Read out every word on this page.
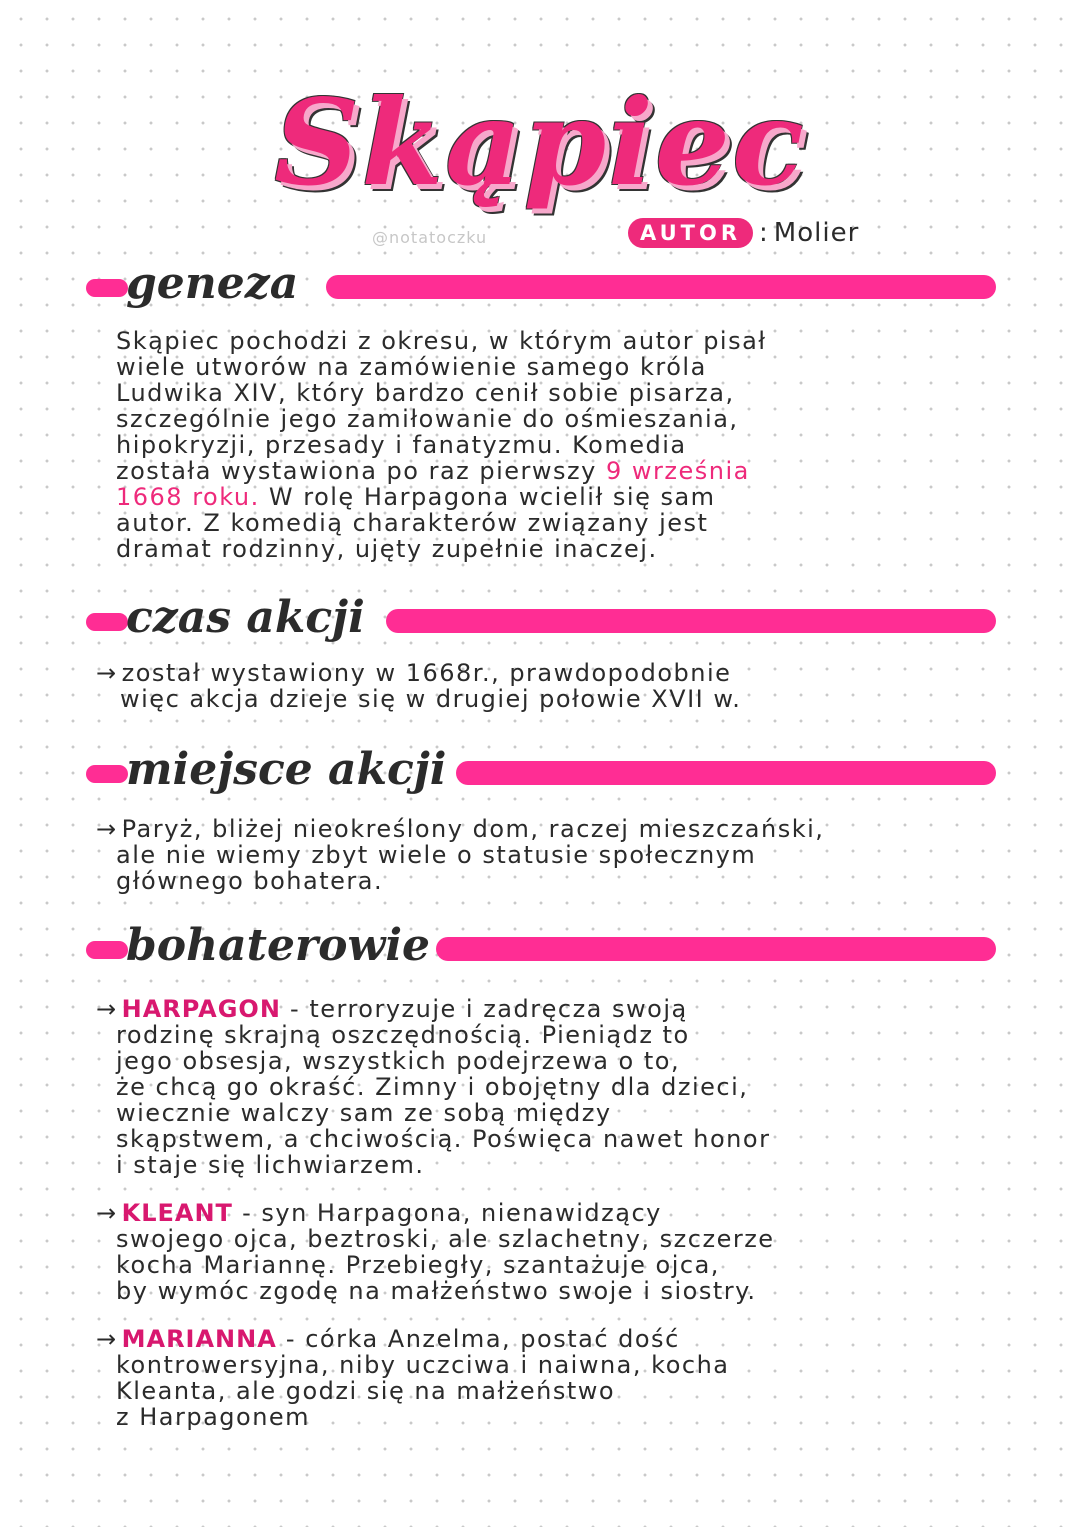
Skąpiec
@notatoczku	AUTOR : Molier
geneza
Skąpiec pochodzi z okresu, w którym autor pisał
wiele utworów na zamówienie samego króla
Ludwika XIV, który bardzo cenił sobie pisarza,
szczególnie jego zamiłowanie do ośmieszania,
hipokryzji, przesady i fanatyzmu. Komedia
została wystawiona po raz pierwszy 9 września
1668 roku. W rolę Harpagona wcielił się sam
autor. Z komedią charakterów związany jest
dramat rodzinny, ujęty zupełnie inaczej.
czas akcji
→ został wystawiony w 1668r., prawdopodobnie
więc akcja dzieje się w drugiej połowie XVII w.
miejsce akcji
→ Paryż, bliżej nieokreślony dom, raczej mieszczański,
ale nie wiemy zbyt wiele o statusie społecznym
głównego bohatera.
bohaterowie
→ HARPAGON - terroryzuje i zadręcza swoją
rodzinę skrajną oszczędnością. Pieniądz to
jego obsesja, wszystkich podejrzewa o to,
że chcą go okraść. Zimny i obojętny dla dzieci,
wiecznie walczy sam ze sobą między
skąpstwem, a chciwością. Poświęca nawet honor
i staje się lichwiarzem.
→ KLEANT - syn Harpagona, nienawidzący
swojego ojca, beztroski, ale szlachetny, szczerze
kocha Mariannę. Przebiegły, szantażuje ojca,
by wymóc zgodę na małżeństwo swoje i siostry.
→ MARIANNA - córka Anzelma, postać dość
kontrowersyjna, niby uczciwa i naiwna, kocha
Kleanta, ale godzi się na małżeństwo
z Harpagonem
